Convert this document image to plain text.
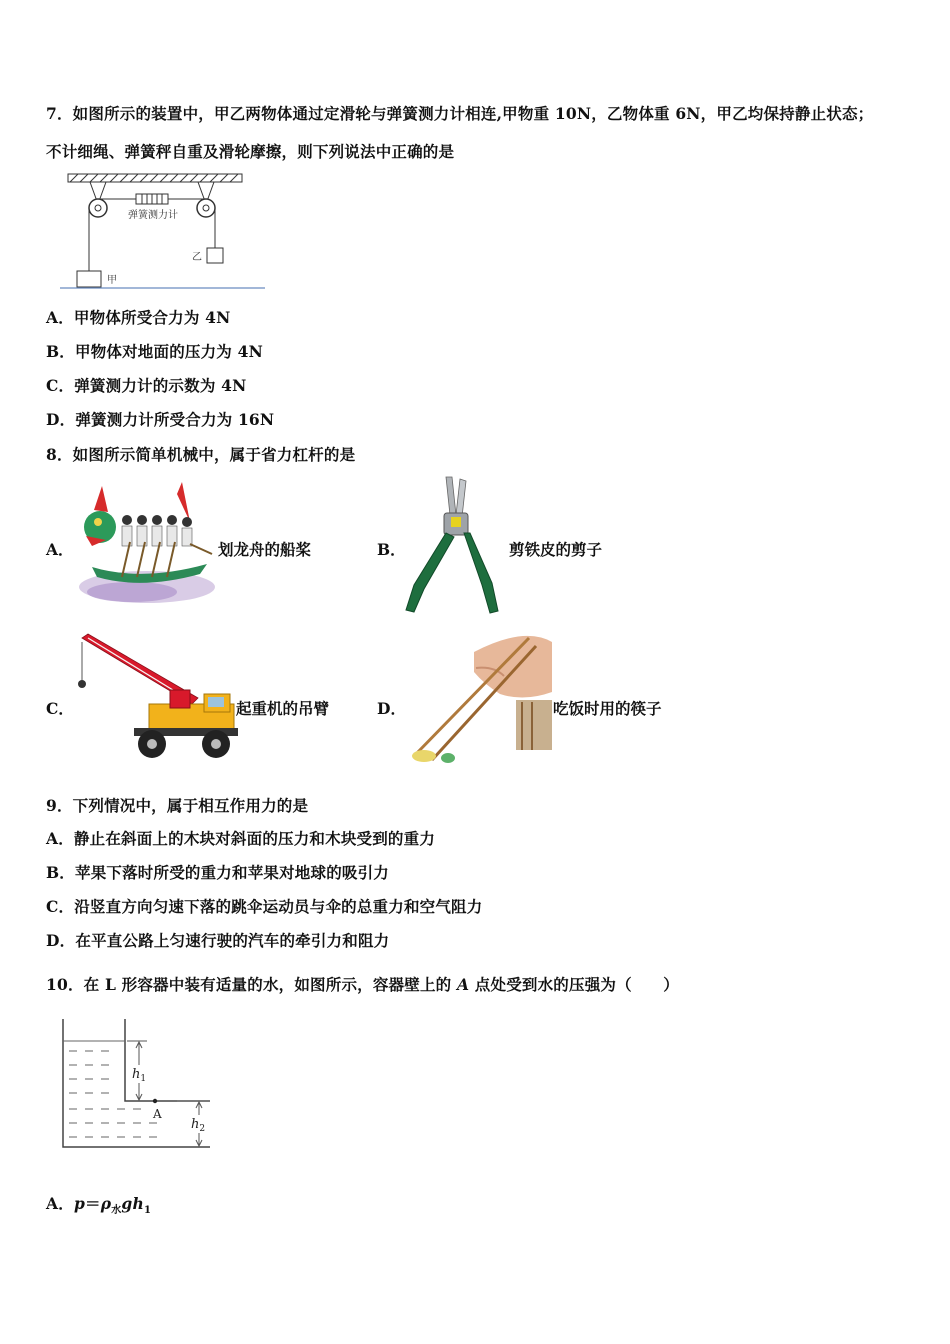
7．如图所示的装置中，甲乙两物体通过定滑轮与弹簧测力计相连,甲物重 10N，乙物体重 6N，甲乙均保持静止状态；
不计细绳、弹簧秤自重及滑轮摩擦，则下列说法中正确的是
弹簧测力计
甲
乙
A．甲物体所受合力为 4N
B．甲物体对地面的压力为 4N
C．弹簧测力计的示数为 4N
D．弹簧测力计所受合力为 16N
8．如图所示简单机械中，属于省力杠杆的是
A．	划龙舟的船桨	B．	剪铁皮的剪子
C．	起重机的吊臂	D．	吃饭时用的筷子
9．下列情况中，属于相互作用力的是
A．静止在斜面上的木块对斜面的压力和木块受到的重力
B．苹果下落时所受的重力和苹果对地球的吸引力
C．沿竖直方向匀速下落的跳伞运动员与伞的总重力和空气阻力
D．在平直公路上匀速行驶的汽车的牵引力和阻力
10．在 L 形容器中装有适量的水，如图所示，容器壁上的 A 点处受到水的压强为（　　）
A
$h_1$
$h_2$
A．$p=\rho_水gh_1$
